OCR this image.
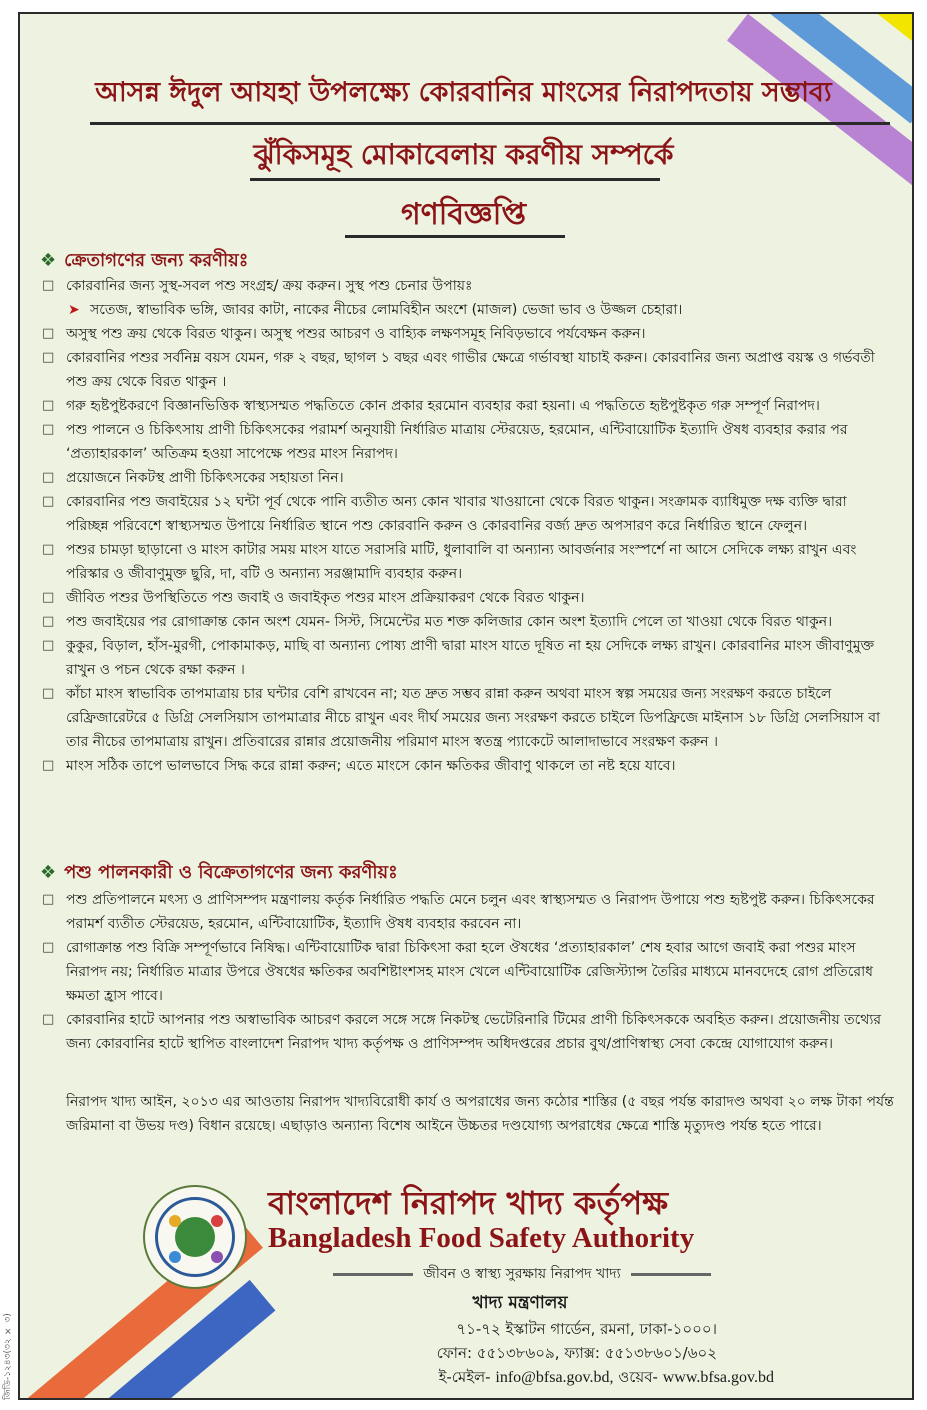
জিডি-১২৪৩(৩২ × ৩)
আসন্ন ঈদুল আযহা উপলক্ষ্যে কোরবানির মাংসের নিরাপদতায় সম্ভাব্য
ঝুঁকিসমূহ মোকাবেলায় করণীয় সম্পর্কে
গণবিজ্ঞপ্তি
❖ ক্রেতাগণের জন্য করণীয়ঃ
□ কোরবানির জন্য সুস্থ-সবল পশু সংগ্রহ/ ক্রয় করুন। সুস্থ পশু চেনার উপায়ঃ
➤ সতেজ, স্বাভাবিক ভঙ্গি, জাবর কাটা, নাকের নীচের লোমবিহীন অংশে (মাজল) ভেজা ভাব ও উজ্জল চেহারা।
□ অসুস্থ পশু ক্রয় থেকে বিরত থাকুন। অসুস্থ পশুর আচরণ ও বাহ্যিক লক্ষণসমূহ নিবিড়ভাবে পর্যবেক্ষন করুন।
□ কোরবানির পশুর সর্বনিম্ন বয়স যেমন, গরু ২ বছর, ছাগল ১ বছর এবং গাভীর ক্ষেত্রে গর্ভাবস্থা যাচাই করুন। কোরবানির জন্য অপ্রাপ্ত বয়স্ক ও গর্ভবতী পশু ক্রয় থেকে বিরত থাকুন ।
□ গরু হৃষ্টপুষ্টকরণে বিজ্ঞানভিত্তিক স্বাস্থ্যসম্মত পদ্ধতিতে কোন প্রকার হরমোন ব্যবহার করা হয়না। এ পদ্ধতিতে হৃষ্টপুষ্টকৃত গরু সম্পূর্ণ নিরাপদ।
□ পশু পালনে ও চিকিৎসায় প্রাণী চিকিৎসকের পরামর্শ অনুযায়ী নির্ধারিত মাত্রায় স্টেরয়েড, হরমোন, এন্টিবায়োটিক ইত্যাদি ঔষধ ব্যবহার করার পর ‘প্রত্যাহারকাল’ অতিক্রম হওয়া সাপেক্ষে পশুর মাংস নিরাপদ।
□ প্রয়োজনে নিকটস্থ প্রাণী চিকিৎসকের সহায়তা নিন।
□ কোরবানির পশু জবাইয়ের ১২ ঘন্টা পূর্ব থেকে পানি ব্যতীত অন্য কোন খাবার খাওয়ানো থেকে বিরত থাকুন। সংক্রামক ব্যাধিমুক্ত দক্ষ ব্যক্তি দ্বারা পরিচ্ছন্ন পরিবেশে স্বাস্থ্যসম্মত উপায়ে নির্ধারিত স্থানে পশু কোরবানি করুন ও কোরবানির বর্জ্য দ্রুত অপসারণ করে নির্ধারিত স্থানে ফেলুন।
□ পশুর চামড়া ছাড়ানো ও মাংস কাটার সময় মাংস যাতে সরাসরি মাটি, ধুলাবালি বা অন্যান্য আবর্জনার সংস্পর্শে না আসে সেদিকে লক্ষ্য রাখুন এবং পরিস্কার ও জীবাণুমুক্ত ছুরি, দা, বটি ও অন্যান্য সরঞ্জামাদি ব্যবহার করুন।
□ জীবিত পশুর উপস্থিতিতে পশু জবাই ও জবাইকৃত পশুর মাংস প্রক্রিয়াকরণ থেকে বিরত থাকুন।
□ পশু জবাইয়ের পর রোগাক্রান্ত কোন অংশ যেমন- সিস্ট, সিমেন্টের মত শক্ত কলিজার কোন অংশ ইত্যাদি পেলে তা খাওয়া থেকে বিরত থাকুন।
□ কুকুর, বিড়াল, হাঁস-মুরগী, পোকামাকড়, মাছি বা অন্যান্য পোষ্য প্রাণী দ্বারা মাংস যাতে দূষিত না হয় সেদিকে লক্ষ্য রাখুন। কোরবানির মাংস জীবাণুমুক্ত রাখুন ও পচন থেকে রক্ষা করুন ।
□ কাঁচা মাংস স্বাভাবিক তাপমাত্রায় চার ঘন্টার বেশি রাখবেন না; যত দ্রুত সম্ভব রান্না করুন অথবা মাংস স্বল্প সময়ের জন্য সংরক্ষণ করতে চাইলে রেফ্রিজারেটরে ৫ ডিগ্রি সেলসিয়াস তাপমাত্রার নীচে রাখুন এবং দীর্ঘ সময়ের জন্য সংরক্ষণ করতে চাইলে ডিপফ্রিজে মাইনাস ১৮ ডিগ্রি সেলসিয়াস বা তার নীচের তাপমাত্রায় রাখুন। প্রতিবারের রান্নার প্রয়োজনীয় পরিমাণ মাংস স্বতন্ত্র প্যাকেটে আলাদাভাবে সংরক্ষণ করুন ।
□ মাংস সঠিক তাপে ভালভাবে সিদ্ধ করে রান্না করুন; এতে মাংসে কোন ক্ষতিকর জীবাণু থাকলে তা নষ্ট হয়ে যাবে।
❖ পশু পালনকারী ও বিক্রেতাগণের জন্য করণীয়ঃ
□ পশু প্রতিপালনে মৎস্য ও প্রাণিসম্পদ মন্ত্রণালয় কর্তৃক নির্ধারিত পদ্ধতি মেনে চলুন এবং স্বাস্থ্যসম্মত ও নিরাপদ উপায়ে পশু হৃষ্টপুষ্ট করুন। চিকিৎসকের পরামর্শ ব্যতীত স্টেরয়েড, হরমোন, এন্টিবায়োটিক, ইত্যাদি ঔষধ ব্যবহার করবেন না।
□ রোগাক্রান্ত পশু বিক্রি সম্পূর্ণভাবে নিষিদ্ধ। এন্টিবায়োটিক দ্বারা চিকিৎসা করা হলে ঔষধের ‘প্রত্যাহারকাল’ শেষ হবার আগে জবাই করা পশুর মাংস নিরাপদ নয়; নির্ধারিত মাত্রার উপরে ঔষধের ক্ষতিকর অবশিষ্টাংশসহ মাংস খেলে এন্টিবায়োটিক রেজিস্ট্যান্স তৈরির মাধ্যমে মানবদেহে রোগ প্রতিরোধ ক্ষমতা হ্রাস পাবে।
□ কোরবানির হাটে আপনার পশু অস্বাভাবিক আচরণ করলে সঙ্গে সঙ্গে নিকটস্থ ভেটেরিনারি টিমের প্রাণী চিকিৎসককে অবহিত করুন। প্রয়োজনীয় তথ্যের জন্য কোরবানির হাটে স্থাপিত বাংলাদেশ নিরাপদ খাদ্য কর্তৃপক্ষ ও প্রাণিসম্পদ অধিদপ্তরের প্রচার বুথ/প্রাণিস্বাস্থ্য সেবা কেন্দ্রে যোগাযোগ করুন।
নিরাপদ খাদ্য আইন, ২০১৩ এর আওতায় নিরাপদ খাদ্যবিরোধী কার্য ও অপরাধের জন্য কঠোর শাস্তির (৫ বছর পর্যন্ত কারাদণ্ড অথবা ২০ লক্ষ টাকা পর্যন্ত জরিমানা বা উভয় দণ্ড) বিধান রয়েছে। এছাড়াও অন্যান্য বিশেষ আইনে উচ্চতর দণ্ডযোগ্য অপরাধের ক্ষেত্রে শাস্তি মৃত্যুদণ্ড পর্যন্ত হতে পারে।
বাংলাদেশ নিরাপদ খাদ্য কর্তৃপক্ষ
Bangladesh Food Safety Authority
জীবন ও স্বাস্থ্য সুরক্ষায় নিরাপদ খাদ্য
খাদ্য মন্ত্রণালয়
৭১-৭২ ইস্কাটন গার্ডেন, রমনা, ঢাকা-১০০০।
ফোন: ৫৫১৩৮৬০৯, ফ্যাক্স: ৫৫১৩৮৬০১/৬০২
ই-মেইল- info@bfsa.gov.bd, ওয়েব- www.bfsa.gov.bd
